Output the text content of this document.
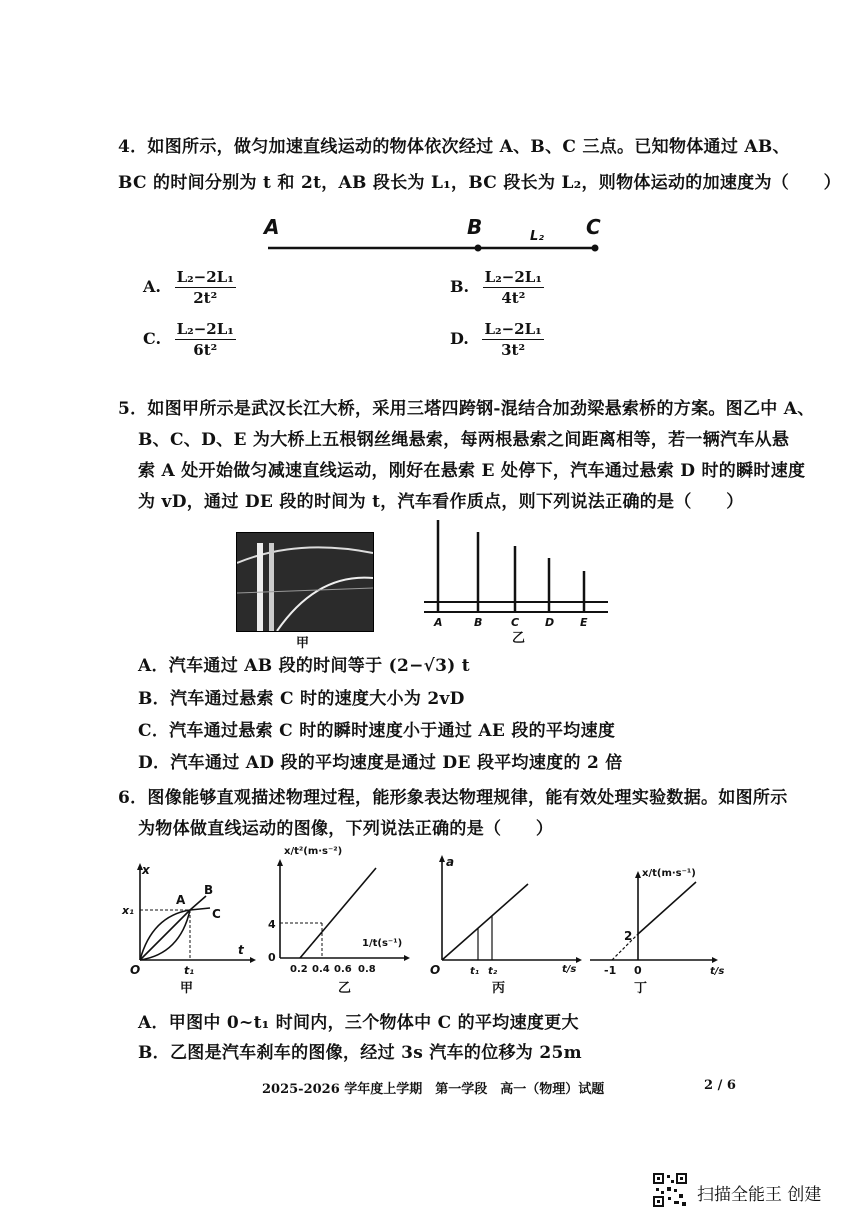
4．如图所示，做匀加速直线运动的物体依次经过 A、B、C 三点。已知物体通过 AB、
BC 的时间分别为 t 和 2t，AB 段长为 L₁，BC 段长为 L₂，则物体运动的加速度为（　　）
A	B	C
L₂
A. $\frac{\text{L₂−2L₁}}{\text{2t²}}$	B. $\frac{\text{L₂−2L₁}}{\text{4t²}}$
C. $\frac{\text{L₂−2L₁}}{\text{6t²}}$	D. $\frac{\text{L₂−2L₁}}{\text{3t²}}$
5．如图甲所示是武汉长江大桥，采用三塔四跨钢-混结合加劲梁悬索桥的方案。图乙中 A、
B、C、D、E 为大桥上五根钢丝绳悬索，每两根悬索之间距离相等，若一辆汽车从悬
索 A 处开始做匀减速直线运动，刚好在悬索 E 处停下，汽车通过悬索 D 时的瞬时速度
为 vD，通过 DE 段的时间为 t，汽车看作质点，则下列说法正确的是（　　）
甲
A	B	C D E
乙
A．汽车通过 AB 段的时间等于 (2−√3) t
B．汽车通过悬索 C 时的速度大小为 2vD
C．汽车通过悬索 C 时的瞬时速度小于通过 AE 段的平均速度
D．汽车通过 AD 段的平均速度是通过 DE 段平均速度的 2 倍
6．图像能够直观描述物理过程，能形象表达物理规律，能有效处理实验数据。如图所示
为物体做直线运动的图像，下列说法正确的是（　　）
x
t
O	t₁
x₁
A
B
C
甲
x/t²(m·s⁻²)
1/t(s⁻¹)
0
4
0.2 0.4 0.6 0.8
乙
a
t/s
O	t₁ t₂
丙
x/t(m·s⁻¹)
t/s
2
-1 0
丁
A．甲图中 0~t₁ 时间内，三个物体中 C 的平均速度更大
B．乙图是汽车刹车的图像，经过 3s 汽车的位移为 25m
2025-2026 学年度上学期　第一学段　高一（物理）试题	2 / 6
扫描全能王 创建
